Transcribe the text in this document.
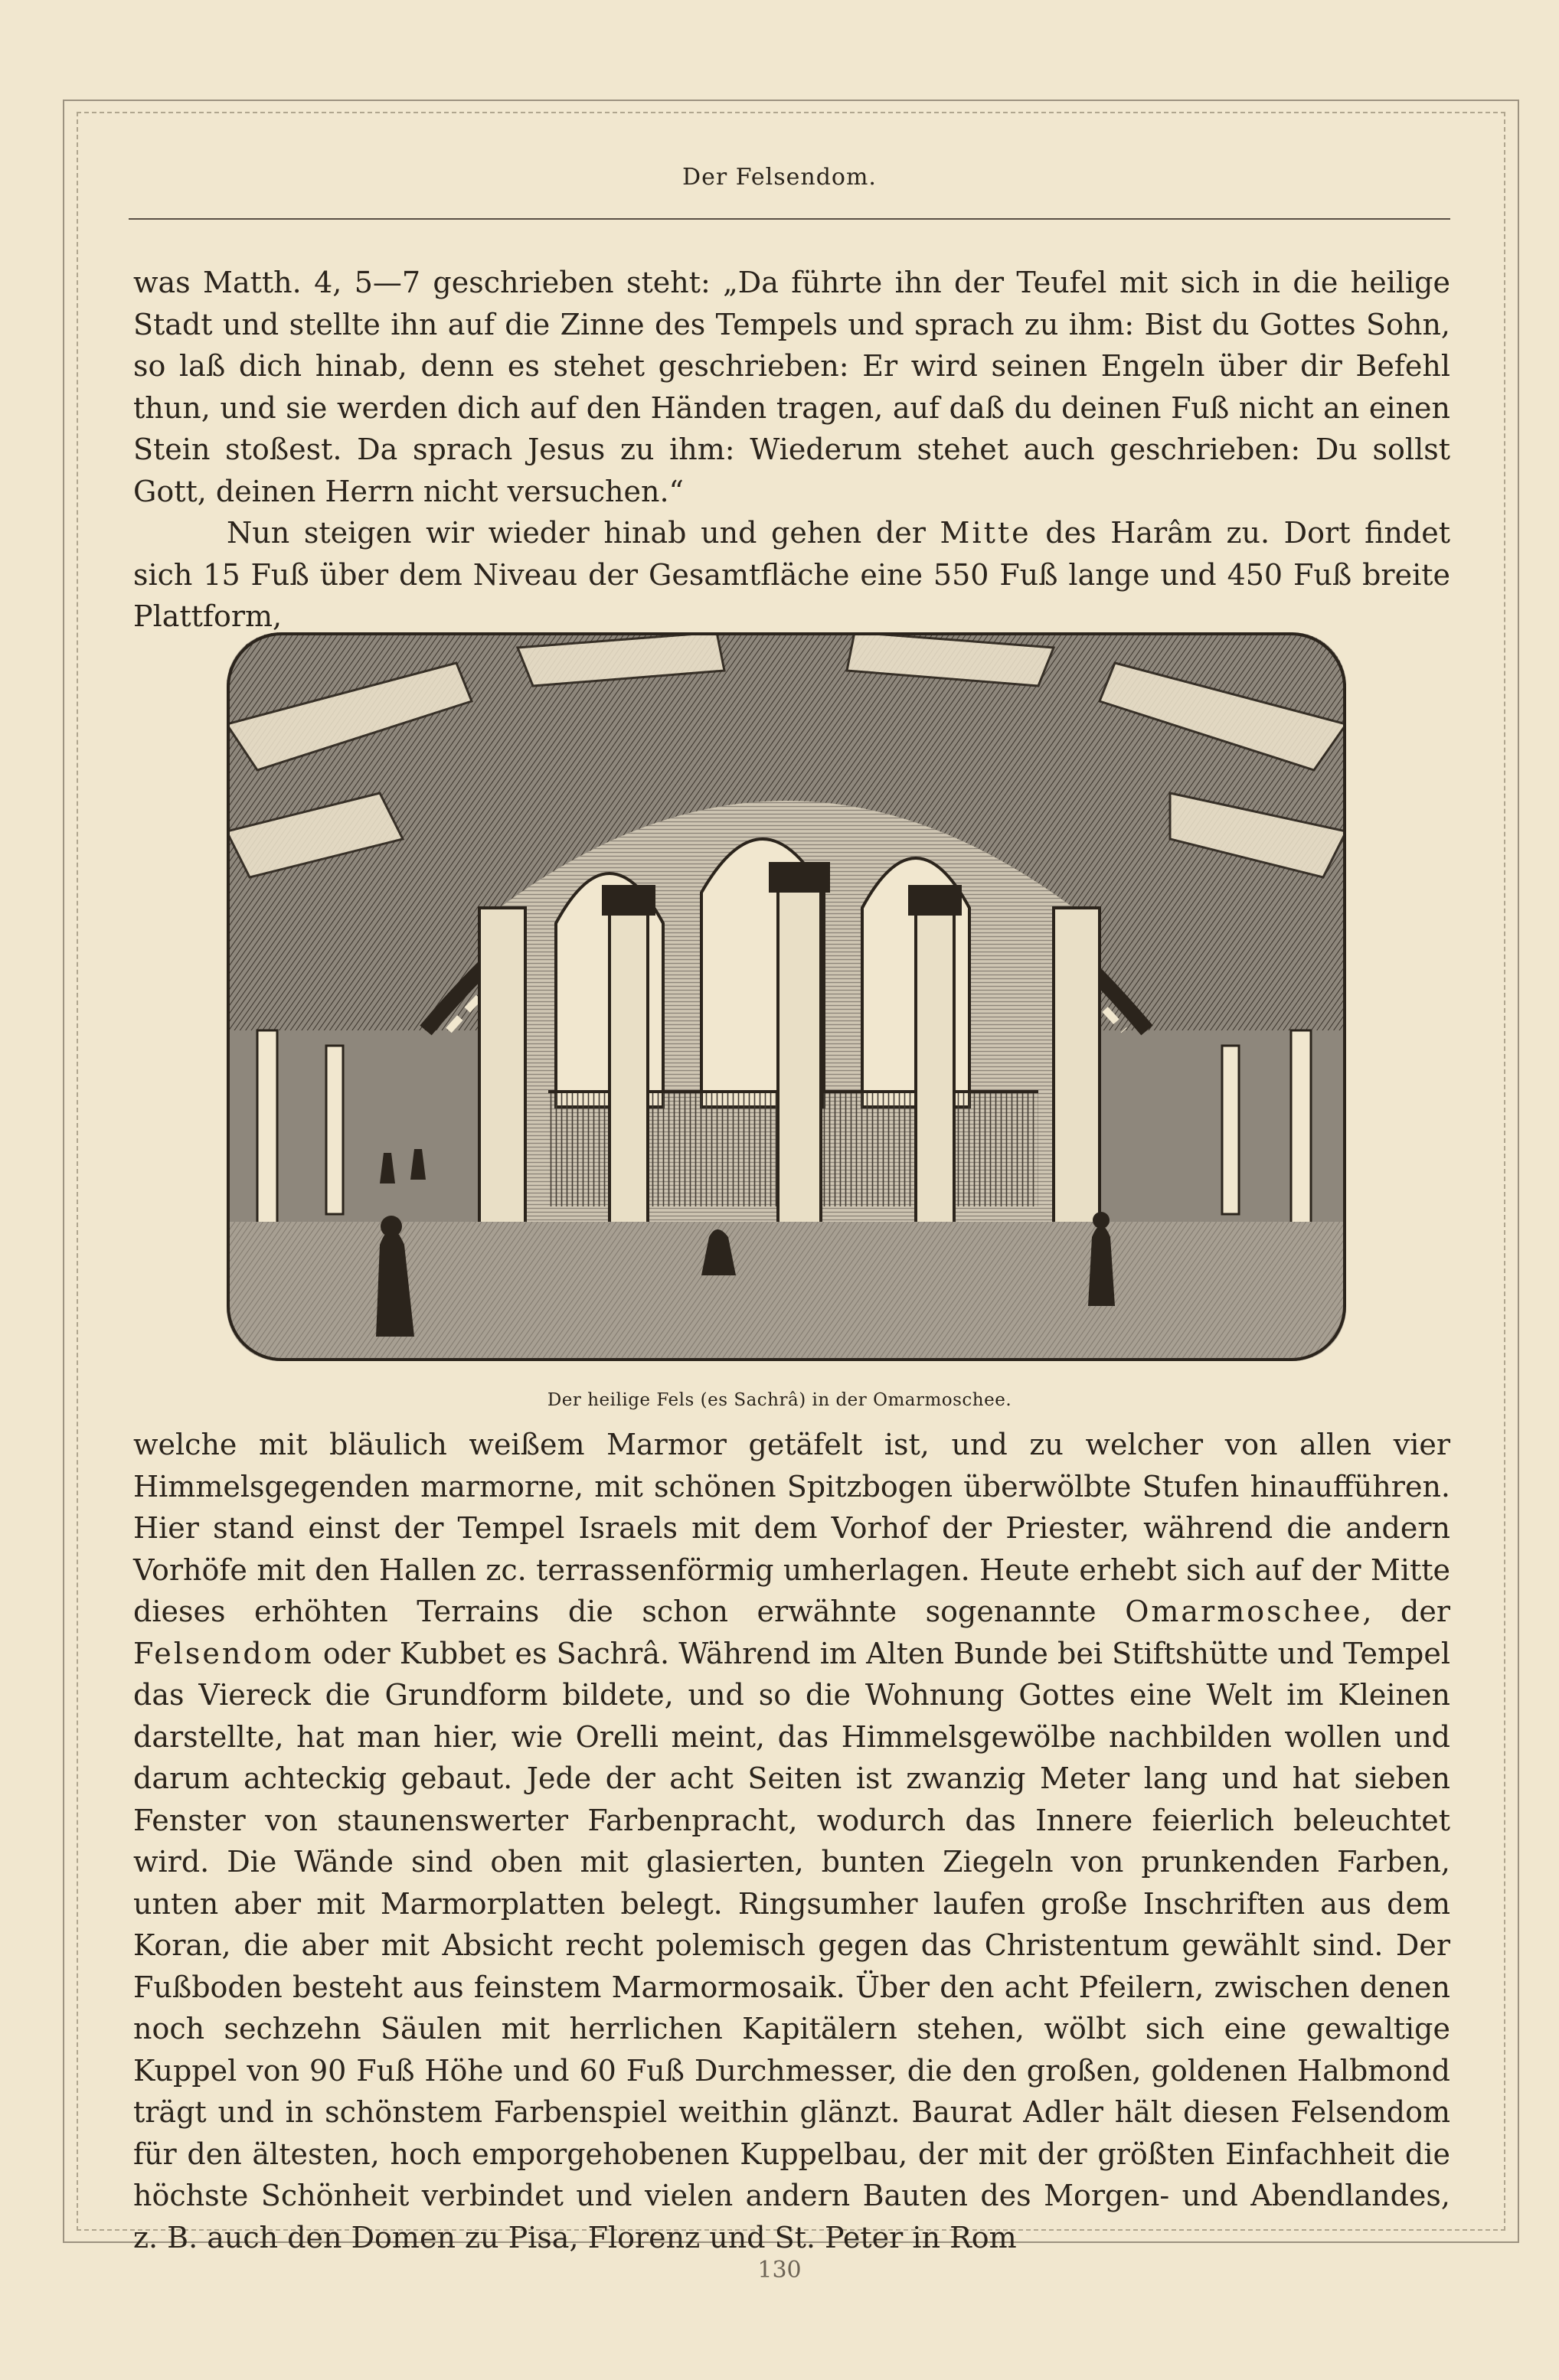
Der Felsendom.

was Matth. 4, 5—7 geschrieben steht: „Da führte ihn der Teufel mit sich in die heilige Stadt und stellte ihn auf die Zinne des Tempels und sprach zu ihm: Bist du Gottes Sohn, so laß dich hinab, denn es stehet geschrieben: Er wird seinen Engeln über dir Befehl thun, und sie werden dich auf den Händen tragen, auf daß du deinen Fuß nicht an einen Stein stoßest. Da sprach Jesus zu ihm: Wiederum stehet auch geschrieben: Du sollst Gott, deinen Herrn nicht versuchen.“

Nun steigen wir wieder hinab und gehen der Mitte des Harâm zu. Dort findet sich 15 Fuß über dem Niveau der Gesamtfläche eine 550 Fuß lange und 450 Fuß breite Plattform,

Der heilige Fels (es Sachrâ) in der Omarmoschee.

welche mit bläulich weißem Marmor getäfelt ist, und zu welcher von allen vier Himmelsgegenden marmorne, mit schönen Spitzbogen überwölbte Stufen hinaufführen. Hier stand einst der Tempel Israels mit dem Vorhof der Priester, während die andern Vorhöfe mit den Hallen zc. terrassenförmig umherlagen. Heute erhebt sich auf der Mitte dieses erhöhten Terrains die schon erwähnte sogenannte Omarmoschee, der Felsendom oder Kubbet es Sachrâ. Während im Alten Bunde bei Stiftshütte und Tempel das Viereck die Grundform bildete, und so die Wohnung Gottes eine Welt im Kleinen darstellte, hat man hier, wie Orelli meint, das Himmelsgewölbe nachbilden wollen und darum achteckig gebaut. Jede der acht Seiten ist zwanzig Meter lang und hat sieben Fenster von staunenswerter Farbenpracht, wodurch das Innere feierlich beleuchtet wird. Die Wände sind oben mit glasierten, bunten Ziegeln von prunkenden Farben, unten aber mit Marmorplatten belegt. Ringsumher laufen große Inschriften aus dem Koran, die aber mit Absicht recht polemisch gegen das Christentum gewählt sind. Der Fußboden besteht aus feinstem Marmormosaik. Über den acht Pfeilern, zwischen denen noch sechzehn Säulen mit herrlichen Kapitälern stehen, wölbt sich eine gewaltige Kuppel von 90 Fuß Höhe und 60 Fuß Durchmesser, die den großen, goldenen Halbmond trägt und in schönstem Farbenspiel weithin glänzt. Baurat Adler hält diesen Felsendom für den ältesten, hoch emporgehobenen Kuppelbau, der mit der größten Einfachheit die höchste Schönheit verbindet und vielen andern Bauten des Morgen- und Abendlandes, z. B. auch den Domen zu Pisa, Florenz und St. Peter in Rom

130
